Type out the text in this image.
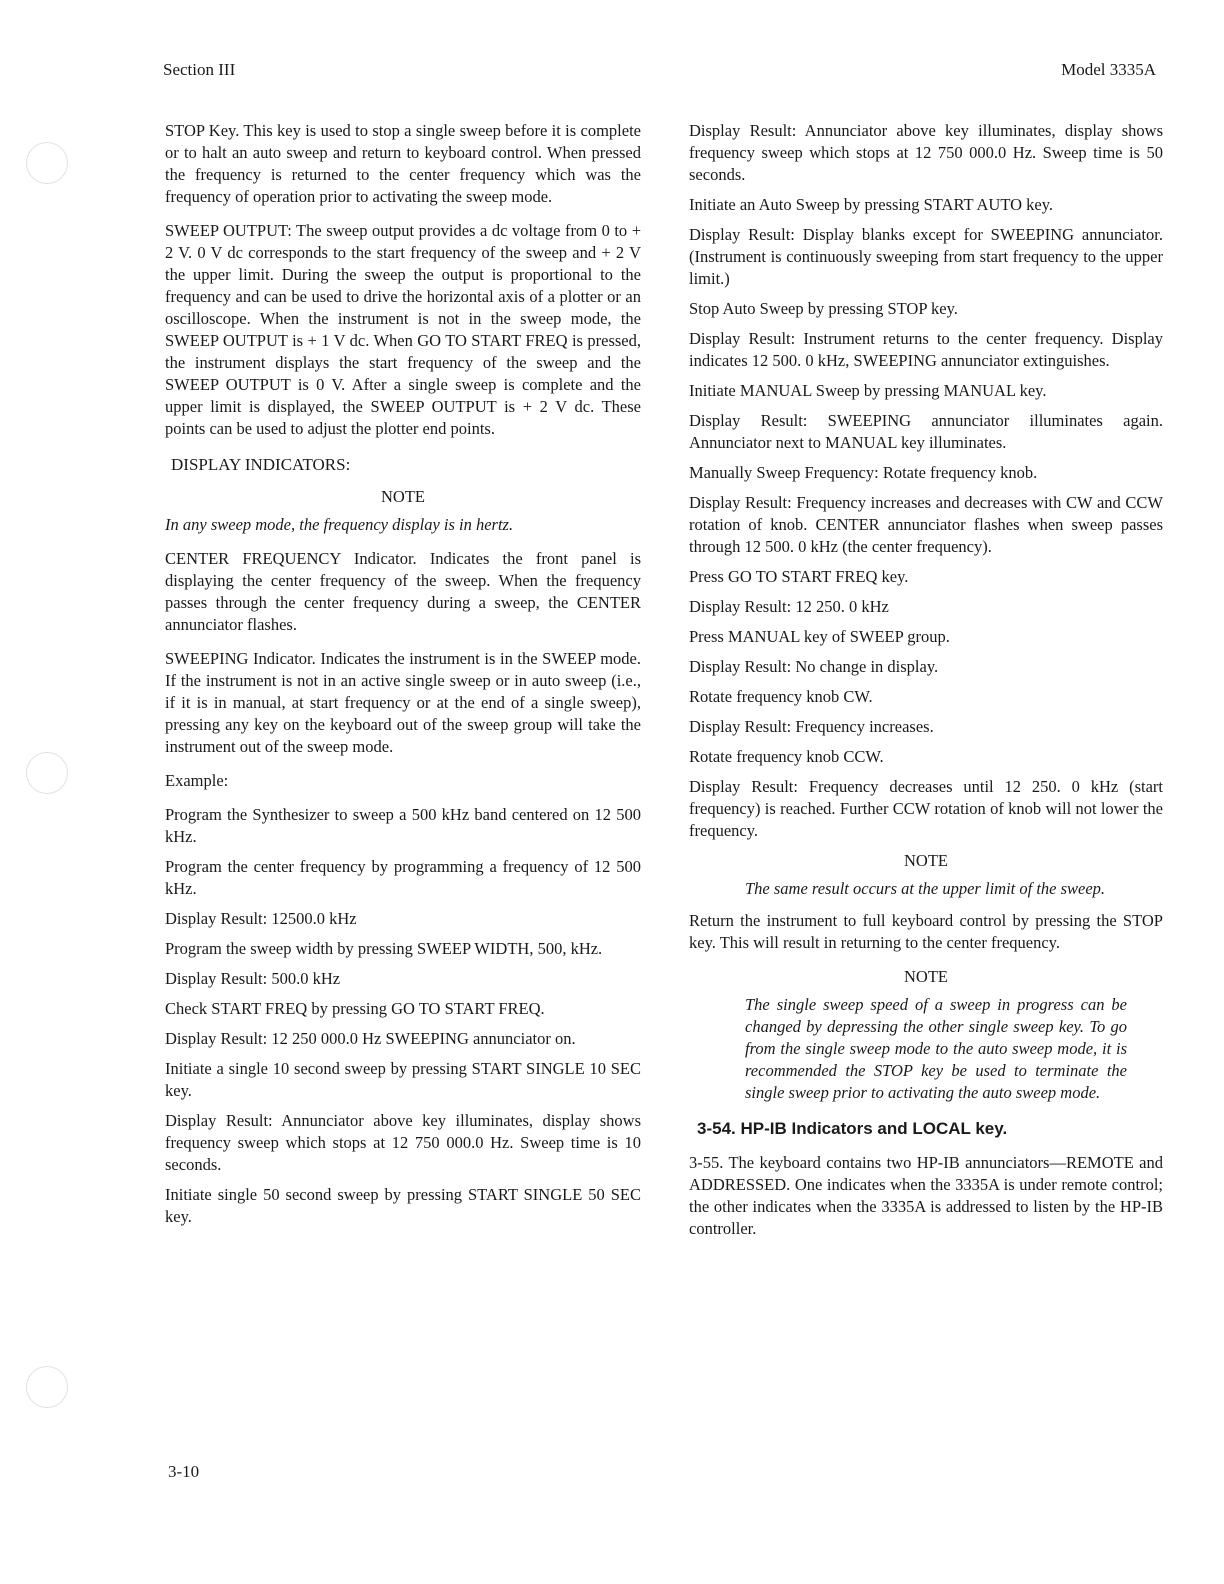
Section III	Model 3335A

STOP Key. This key is used to stop a single sweep before it is complete or to halt an auto sweep and return to keyboard control. When pressed the frequency is returned to the center frequency which was the frequency of operation prior to activating the sweep mode.

SWEEP OUTPUT: The sweep output provides a dc voltage from 0 to + 2 V. 0 V dc corresponds to the start frequency of the sweep and + 2 V the upper limit. During the sweep the output is proportional to the frequency and can be used to drive the horizontal axis of a plotter or an oscilloscope. When the instrument is not in the sweep mode, the SWEEP OUTPUT is + 1 V dc. When GO TO START FREQ is pressed, the instrument displays the start frequency of the sweep and the SWEEP OUTPUT is 0 V. After a single sweep is complete and the upper limit is displayed, the SWEEP OUTPUT is + 2 V dc. These points can be used to adjust the plotter end points.

DISPLAY INDICATORS:
NOTE

In any sweep mode, the frequency display is in hertz.

CENTER FREQUENCY Indicator. Indicates the front panel is displaying the center frequency of the sweep. When the frequency passes through the center frequency during a sweep, the CENTER annunciator flashes.

SWEEPING Indicator. Indicates the instrument is in the SWEEP mode. If the instrument is not in an active single sweep or in auto sweep (i.e., if it is in manual, at start frequency or at the end of a single sweep), pressing any key on the keyboard out of the sweep group will take the instrument out of the sweep mode.

Example:

Program the Synthesizer to sweep a 500 kHz band centered on 12 500 kHz.

Program the center frequency by programming a frequency of 12 500 kHz.

Display Result: 12500.0 kHz

Program the sweep width by pressing SWEEP WIDTH, 500, kHz.

Display Result: 500.0 kHz

Check START FREQ by pressing GO TO START FREQ.

Display Result: 12 250 000.0 Hz SWEEPING annunciator on.

Initiate a single 10 second sweep by pressing START SINGLE 10 SEC key.

Display Result: Annunciator above key illuminates, display shows frequency sweep which stops at 12 750 000.0 Hz. Sweep time is 10 seconds.

Initiate single 50 second sweep by pressing START SINGLE 50 SEC key.

Display Result: Annunciator above key illuminates, display shows frequency sweep which stops at 12 750 000.0 Hz. Sweep time is 50 seconds.

Initiate an Auto Sweep by pressing START AUTO key.

Display Result: Display blanks except for SWEEPING annunciator. (Instrument is continuously sweeping from start frequency to the upper limit.)

Stop Auto Sweep by pressing STOP key.

Display Result: Instrument returns to the center frequency. Display indicates 12 500. 0 kHz, SWEEPING annunciator extinguishes.

Initiate MANUAL Sweep by pressing MANUAL key.

Display Result: SWEEPING annunciator illuminates again. Annunciator next to MANUAL key illuminates.

Manually Sweep Frequency: Rotate frequency knob.

Display Result: Frequency increases and decreases with CW and CCW rotation of knob. CENTER annunciator flashes when sweep passes through 12 500. 0 kHz (the center frequency).

Press GO TO START FREQ key.

Display Result: 12 250. 0 kHz

Press MANUAL key of SWEEP group.

Display Result: No change in display.

Rotate frequency knob CW.

Display Result: Frequency increases.

Rotate frequency knob CCW.

Display Result: Frequency decreases until 12 250. 0 kHz (start frequency) is reached. Further CCW rotation of knob will not lower the frequency.

NOTE

The same result occurs at the upper limit of the sweep.

Return the instrument to full keyboard control by pressing the STOP key. This will result in returning to the center frequency.

NOTE

The single sweep speed of a sweep in progress can be changed by depressing the other single sweep key. To go from the single sweep mode to the auto sweep mode, it is recommended the STOP key be used to terminate the single sweep prior to activating the auto sweep mode.

3-54. HP-IB Indicators and LOCAL key.

3-55. The keyboard contains two HP-IB annunciators—REMOTE and ADDRESSED. One indicates when the 3335A is under remote control; the other indicates when the 3335A is addressed to listen by the HP-IB controller.

3-10
